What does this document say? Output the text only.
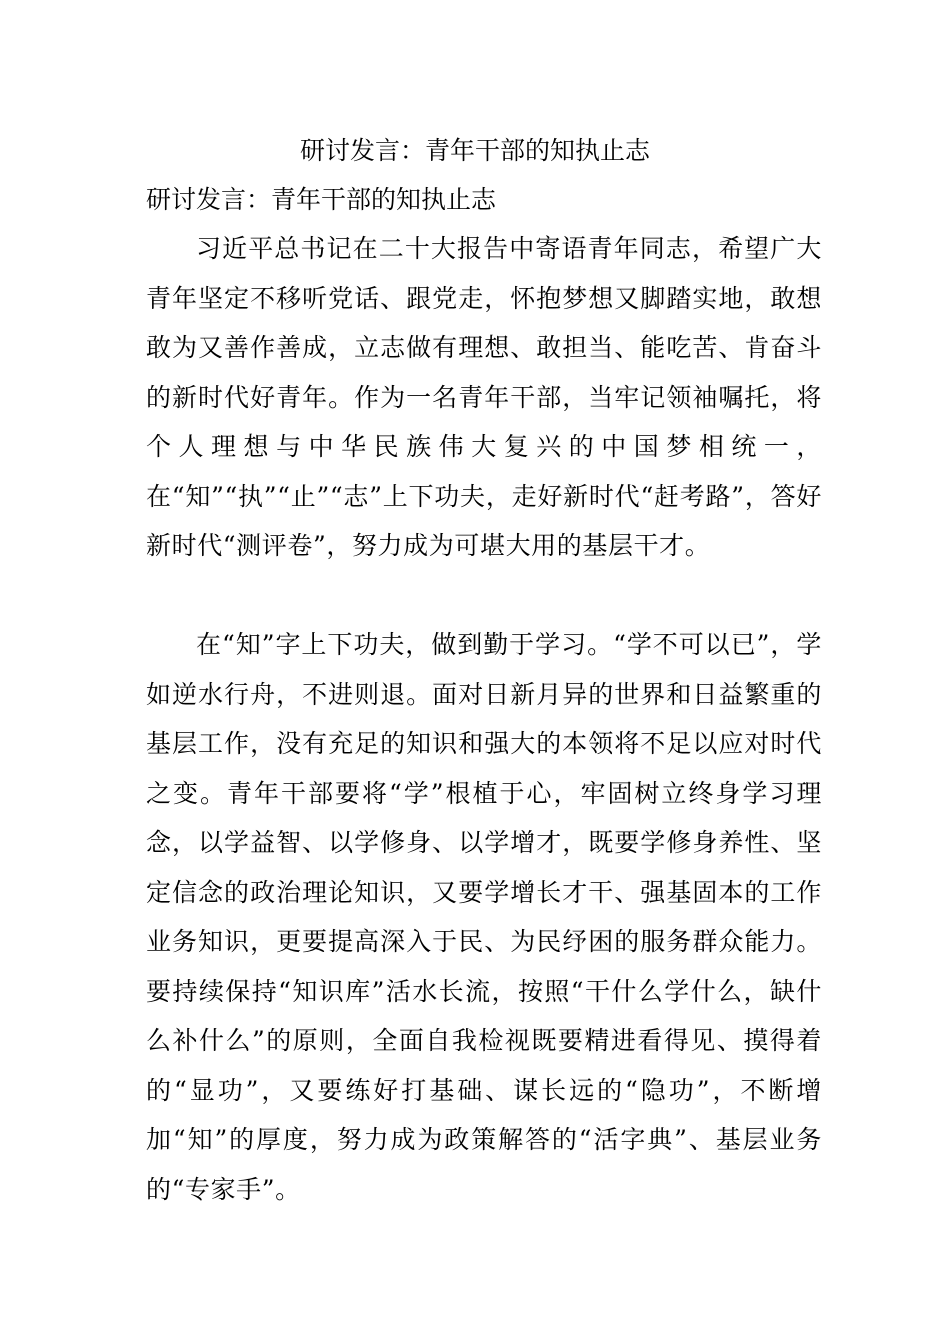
研讨发言：青年干部的知执止志

研讨发言：青年干部的知执止志

习近平总书记在二十大报告中寄语青年同志，希望广大青年坚定不移听党话、跟党走，怀抱梦想又脚踏实地，敢想敢为又善作善成，立志做有理想、敢担当、能吃苦、肯奋斗的新时代好青年。作为一名青年干部，当牢记领袖嘱托，将个人理想与中华民族伟大复兴的中国梦相统一，在“知”“执”“止”“志”上下功夫，走好新时代“赶考路”，答好新时代“测评卷”，努力成为可堪大用的基层干才。

在“知”字上下功夫，做到勤于学习。“学不可以已”，学如逆水行舟，不进则退。面对日新月异的世界和日益繁重的基层工作，没有充足的知识和强大的本领将不足以应对时代之变。青年干部要将“学”根植于心，牢固树立终身学习理念，以学益智、以学修身、以学增才，既要学修身养性、坚定信念的政治理论知识，又要学增长才干、强基固本的工作业务知识，更要提高深入于民、为民纾困的服务群众能力。要持续保持“知识库”活水长流，按照“干什么学什么，缺什么补什么”的原则，全面自我检视既要精进看得见、摸得着的“显功”，又要练好打基础、谋长远的“隐功”，不断增加“知”的厚度，努力成为政策解答的“活字典”、基层业务的“专家手”。
